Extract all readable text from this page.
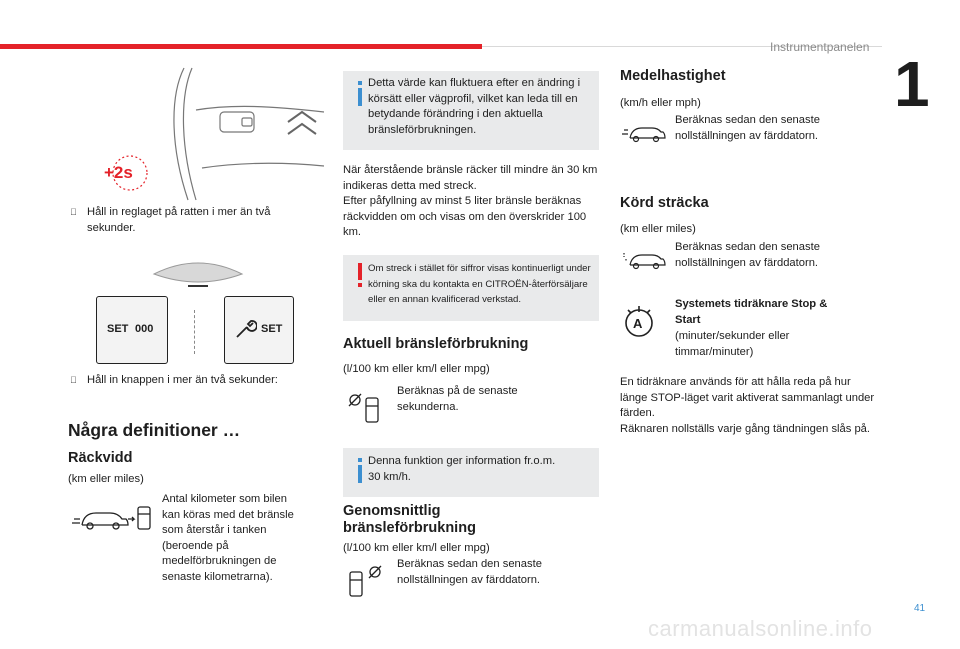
Instrumentpanelen
1
+2s
Håll in reglaget på ratten i mer än två sekunder.
SET 000	SET
Håll in knappen i mer än två sekunder:
Några definitioner …
Räckvidd
(km eller miles)
Antal kilometer som bilen kan köras med det bränsle som återstår i tanken (beroende på medelförbrukningen de senaste kilometrarna).
Detta värde kan fluktuera efter en ändring i körsätt eller vägprofil, vilket kan leda till en betydande förändring i den aktuella bränsleförbrukningen.
När återstående bränsle räcker till mindre än 30 km indikeras detta med streck.
Efter påfyllning av minst 5 liter bränsle beräknas räckvidden om och visas om den överskrider 100 km.
Om streck i stället för siffror visas kontinuerligt under körning ska du kontakta en CITROËN-återförsäljare eller en annan kvalificerad verkstad.
Aktuell bränsleförbrukning
(l/100 km eller km/l eller mpg)
Beräknas på de senaste sekunderna.
Denna funktion ger information fr.o.m. 30 km/h.
Genomsnittlig bränsleförbrukning
(l/100 km eller km/l eller mpg)
Beräknas sedan den senaste nollställningen av färddatorn.
Medelhastighet
(km/h eller mph)
Beräknas sedan den senaste nollställningen av färddatorn.
Körd sträcka
(km eller miles)
Beräknas sedan den senaste nollställningen av färddatorn.
A
Systemets tidräknare Stop & Start
(minuter/sekunder eller timmar/minuter)
En tidräknare används för att hålla reda på hur länge STOP-läget varit aktiverat sammanlagt under färden.
Räknaren nollställs varje gång tändningen slås på.
41
carmanualsonline.info
